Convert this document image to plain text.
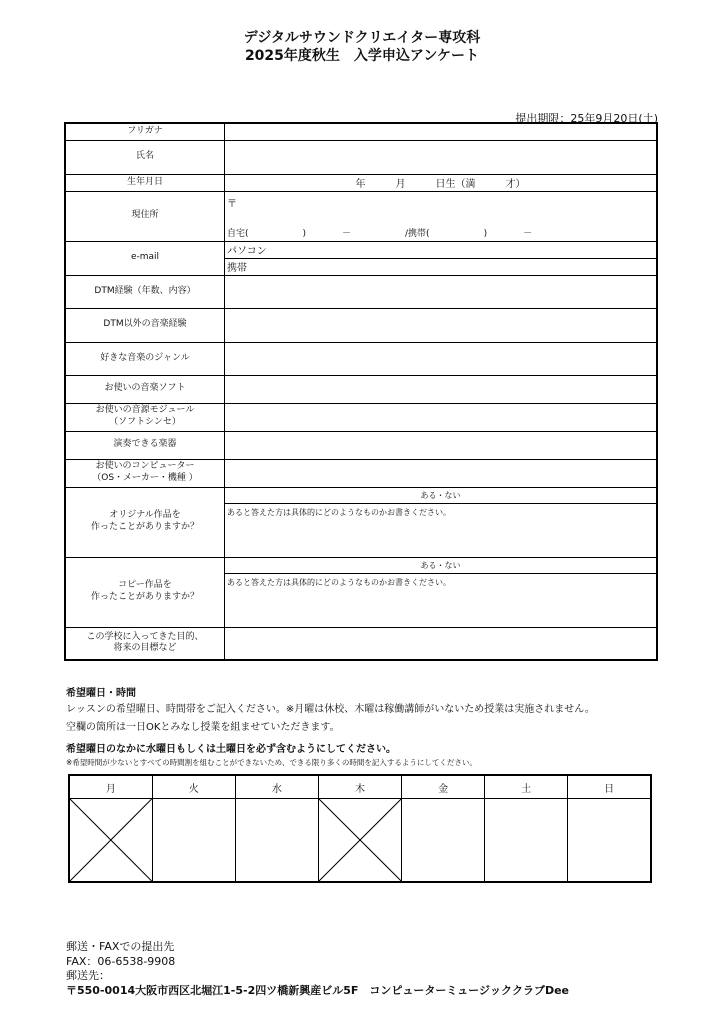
デジタルサウンドクリエイター専攻科
2025年度秋生　入学申込アンケート
提出期限：25年9月20日(土)
フリガナ	
氏名	
生年月日	年　　　月　　　日生（満　　　才）
現住所	〒
自宅(　　　　　　)　　　　－　　　　　　/携帯(　　　　　　)　　　　－

e-mail	パソコン
	携帯
DTM経験（年数、内容）	
DTM以外の音楽経験	
好きな音楽のジャンル	
お使いの音楽ソフト	

お使いの音源モジュール
（ソフトシンセ）	

演奏できる楽器	

お使いのコンピューター
（OS・メーカー・機種 ）	

オリジナル作品を
作ったことがありますか？	ある・ない
	あると答えた方は具体的にどのようなものかお書きください。

コピー作品を
作ったことがありますか？	ある・ない
	あると答えた方は具体的にどのようなものかお書きください。

この学校に入ってきた目的、
将来の目標など	

希望曜日・時間
レッスンの希望曜日、時間帯をご記入ください。※月曜は休校、木曜は稼働講師がいないため授業は実施されません。
空欄の箇所は一日OKとみなし授業を組ませていただきます。
希望曜日のなかに水曜日もしくは土曜日を必ず含むようにしてください。
※希望時間が少ないとすべての時間割を組むことができないため、できる限り多くの時間を記入するようにしてください。
月	火	水	木	金	土	日

郵送・FAXでの提出先
FAX：06-6538-9908
郵送先：
〒550-0014大阪市西区北堀江1-5-2四ツ橋新興産ビル5F　コンピューターミュージッククラブDee
